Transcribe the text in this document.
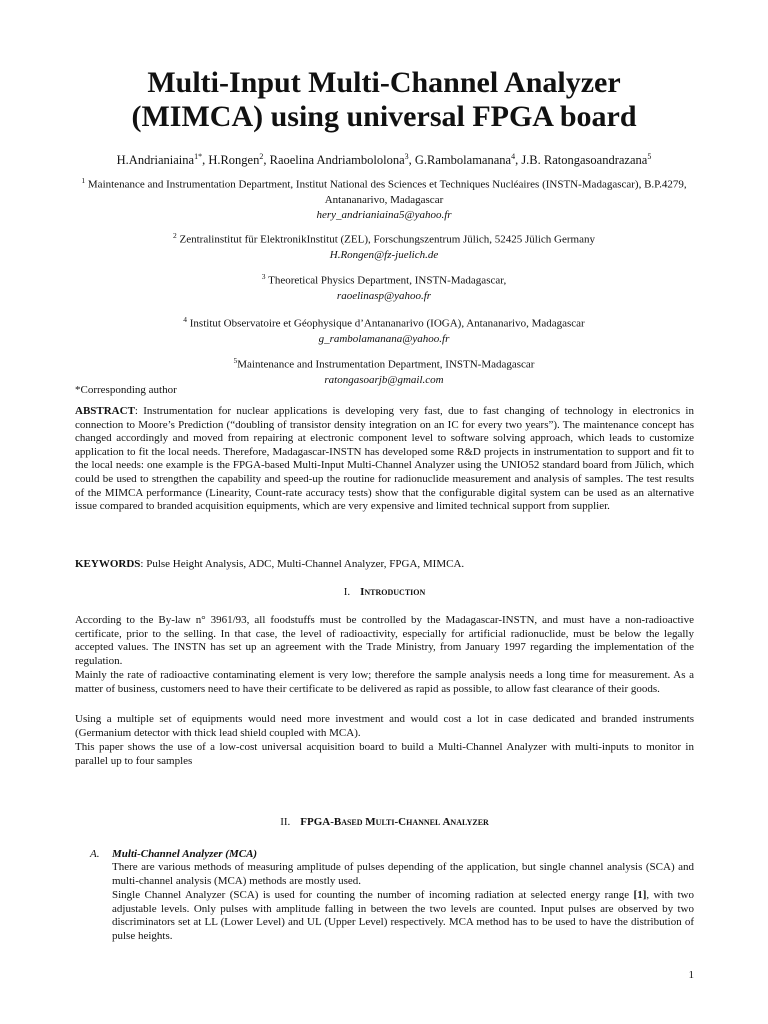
Multi-Input Multi-Channel Analyzer
(MIMCA) using universal FPGA board

H.Andrianiaina$^{1*}$, H.Rongen$^2$, Raoelina Andriambololona$^3$, G.Rambolamanana$^4$, J.B. Ratongasoandrazana$^5$

$^1$ Maintenance and Instrumentation Department, Institut National des Sciences et Techniques Nucléaires (INSTN-Madagascar), B.P.4279, Antananarivo, Madagascar
hery_andrianiaina5@yahoo.fr

$^2$ Zentralinstitut für ElektronikInstitut (ZEL), Forschungszentrum Jülich, 52425 Jülich Germany
H.Rongen@fz-juelich.de

$^3$ Theoretical Physics Department, INSTN-Madagascar,
raoelinasp@yahoo.fr

$^4$ Institut Observatoire et Géophysique d’Antananarivo (IOGA), Antananarivo, Madagascar
g_rambolamanana@yahoo.fr

$^5$Maintenance and Instrumentation Department, INSTN-Madagascar
ratongasoarjb@gmail.com

*Corresponding author

ABSTRACT: Instrumentation for nuclear applications is developing very fast, due to fast changing of technology in electronics in connection to Moore’s Prediction (“doubling of transistor density integration on an IC for every two years”). The maintenance concept has changed accordingly and moved from repairing at electronic component level to software solving approach, which leads to customize application to fit the local needs. Therefore, Madagascar-INSTN has developed some R&D projects in instrumentation to support and fit to the local needs: one example is the FPGA-based Multi-Input Multi-Channel Analyzer using the UNIO52 standard board from Jülich, which could be used to strengthen the capability and speed-up the routine for radionuclide measurement and analysis of samples. The test results of the MIMCA performance (Linearity, Count-rate accuracy tests) show that the configurable digital system can be used as an alternative issue compared to branded acquisition equipments, which are very expensive and limited technical support from supplier.

KEYWORDS: Pulse Height Analysis, ADC, Multi-Channel Analyzer, FPGA, MIMCA.

I. Introduction

According to the By-law n° 3961/93, all foodstuffs must be controlled by the Madagascar-INSTN, and must have a non-radioactive certificate, prior to the selling. In that case, the level of radioactivity, especially for artificial radionuclide, must be below the legally accepted values. The INSTN has set up an agreement with the Trade Ministry, from January 1997 regarding the implementation of the regulation.

Mainly the rate of radioactive contaminating element is very low; therefore the sample analysis needs a long time for measurement. As a matter of business, customers need to have their certificate to be delivered as rapid as possible, to allow fast clearance of their goods.

Using a multiple set of equipments would need more investment and would cost a lot in case dedicated and branded instruments (Germanium detector with thick lead shield coupled with MCA).

This paper shows the use of a low-cost universal acquisition board to build a Multi-Channel Analyzer with multi-inputs to monitor in parallel up to four samples

II. FPGA-Based Multi-Channel Analyzer

A. Multi-Channel Analyzer (MCA)

There are various methods of measuring amplitude of pulses depending of the application, but single channel analysis (SCA) and multi-channel analysis (MCA) methods are mostly used.

Single Channel Analyzer (SCA) is used for counting the number of incoming radiation at selected energy range [1], with two adjustable levels. Only pulses with amplitude falling in between the two levels are counted. Input pulses are observed by two discriminators set at LL (Lower Level) and UL (Upper Level) respectively. MCA method has to be used to have the distribution of pulse heights.

1
